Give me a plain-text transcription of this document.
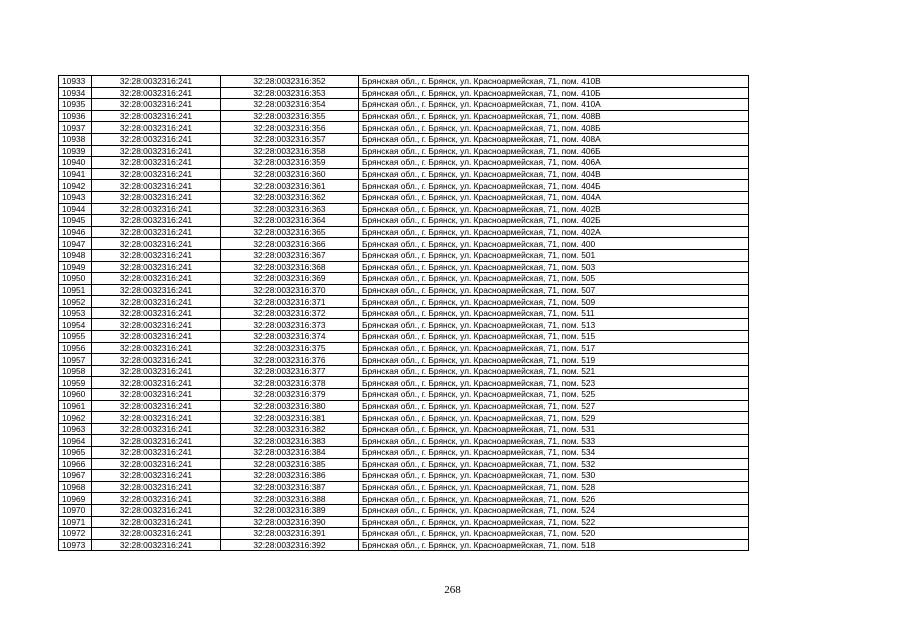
10933	32:28:0032316:241	32:28:0032316:352	Брянская обл., г. Брянск, ул. Красноармейская, 71, пом. 410В
10934	32:28:0032316:241	32:28:0032316:353	Брянская обл., г. Брянск, ул. Красноармейская, 71, пом. 410Б
10935	32:28:0032316:241	32:28:0032316:354	Брянская обл., г. Брянск, ул. Красноармейская, 71, пом. 410А
10936	32:28:0032316:241	32:28:0032316:355	Брянская обл., г. Брянск, ул. Красноармейская, 71, пом. 408В
10937	32:28:0032316:241	32:28:0032316:356	Брянская обл., г. Брянск, ул. Красноармейская, 71, пом. 408Б
10938	32:28:0032316:241	32:28:0032316:357	Брянская обл., г. Брянск, ул. Красноармейская, 71, пом. 408А
10939	32:28:0032316:241	32:28:0032316:358	Брянская обл., г. Брянск, ул. Красноармейская, 71, пом. 406Б
10940	32:28:0032316:241	32:28:0032316:359	Брянская обл., г. Брянск, ул. Красноармейская, 71, пом. 406А
10941	32:28:0032316:241	32:28:0032316:360	Брянская обл., г. Брянск, ул. Красноармейская, 71, пом. 404В
10942	32:28:0032316:241	32:28:0032316:361	Брянская обл., г. Брянск, ул. Красноармейская, 71, пом. 404Б
10943	32:28:0032316:241	32:28:0032316:362	Брянская обл., г. Брянск, ул. Красноармейская, 71, пом. 404А
10944	32:28:0032316:241	32:28:0032316:363	Брянская обл., г. Брянск, ул. Красноармейская, 71, пом. 402В
10945	32:28:0032316:241	32:28:0032316:364	Брянская обл., г. Брянск, ул. Красноармейская, 71, пом. 402Б
10946	32:28:0032316:241	32:28:0032316:365	Брянская обл., г. Брянск, ул. Красноармейская, 71, пом. 402А
10947	32:28:0032316:241	32:28:0032316:366	Брянская обл., г. Брянск, ул. Красноармейская, 71, пом. 400
10948	32:28:0032316:241	32:28:0032316:367	Брянская обл., г. Брянск, ул. Красноармейская, 71, пом. 501
10949	32:28:0032316:241	32:28:0032316:368	Брянская обл., г. Брянск, ул. Красноармейская, 71, пом. 503
10950	32:28:0032316:241	32:28:0032316:369	Брянская обл., г. Брянск, ул. Красноармейская, 71, пом. 505
10951	32:28:0032316:241	32:28:0032316:370	Брянская обл., г. Брянск, ул. Красноармейская, 71, пом. 507
10952	32:28:0032316:241	32:28:0032316:371	Брянская обл., г. Брянск, ул. Красноармейская, 71, пом. 509
10953	32:28:0032316:241	32:28:0032316:372	Брянская обл., г. Брянск, ул. Красноармейская, 71, пом. 511
10954	32:28:0032316:241	32:28:0032316:373	Брянская обл., г. Брянск, ул. Красноармейская, 71, пом. 513
10955	32:28:0032316:241	32:28:0032316:374	Брянская обл., г. Брянск, ул. Красноармейская, 71, пом. 515
10956	32:28:0032316:241	32:28:0032316:375	Брянская обл., г. Брянск, ул. Красноармейская, 71, пом. 517
10957	32:28:0032316:241	32:28:0032316:376	Брянская обл., г. Брянск, ул. Красноармейская, 71, пом. 519
10958	32:28:0032316:241	32:28:0032316:377	Брянская обл., г. Брянск, ул. Красноармейская, 71, пом. 521
10959	32:28:0032316:241	32:28:0032316:378	Брянская обл., г. Брянск, ул. Красноармейская, 71, пом. 523
10960	32:28:0032316:241	32:28:0032316:379	Брянская обл., г. Брянск, ул. Красноармейская, 71, пом. 525
10961	32:28:0032316:241	32:28:0032316:380	Брянская обл., г. Брянск, ул. Красноармейская, 71, пом. 527
10962	32:28:0032316:241	32:28:0032316:381	Брянская обл., г. Брянск, ул. Красноармейская, 71, пом. 529
10963	32:28:0032316:241	32:28:0032316:382	Брянская обл., г. Брянск, ул. Красноармейская, 71, пом. 531
10964	32:28:0032316:241	32:28:0032316:383	Брянская обл., г. Брянск, ул. Красноармейская, 71, пом. 533
10965	32:28:0032316:241	32:28:0032316:384	Брянская обл., г. Брянск, ул. Красноармейская, 71, пом. 534
10966	32:28:0032316:241	32:28:0032316:385	Брянская обл., г. Брянск, ул. Красноармейская, 71, пом. 532
10967	32:28:0032316:241	32:28:0032316:386	Брянская обл., г. Брянск, ул. Красноармейская, 71, пом. 530
10968	32:28:0032316:241	32:28:0032316:387	Брянская обл., г. Брянск, ул. Красноармейская, 71, пом. 528
10969	32:28:0032316:241	32:28:0032316:388	Брянская обл., г. Брянск, ул. Красноармейская, 71, пом. 526
10970	32:28:0032316:241	32:28:0032316:389	Брянская обл., г. Брянск, ул. Красноармейская, 71, пом. 524
10971	32:28:0032316:241	32:28:0032316:390	Брянская обл., г. Брянск, ул. Красноармейская, 71, пом. 522
10972	32:28:0032316:241	32:28:0032316:391	Брянская обл., г. Брянск, ул. Красноармейская, 71, пом. 520
10973	32:28:0032316:241	32:28:0032316:392	Брянская обл., г. Брянск, ул. Красноармейская, 71, пом. 518
268
